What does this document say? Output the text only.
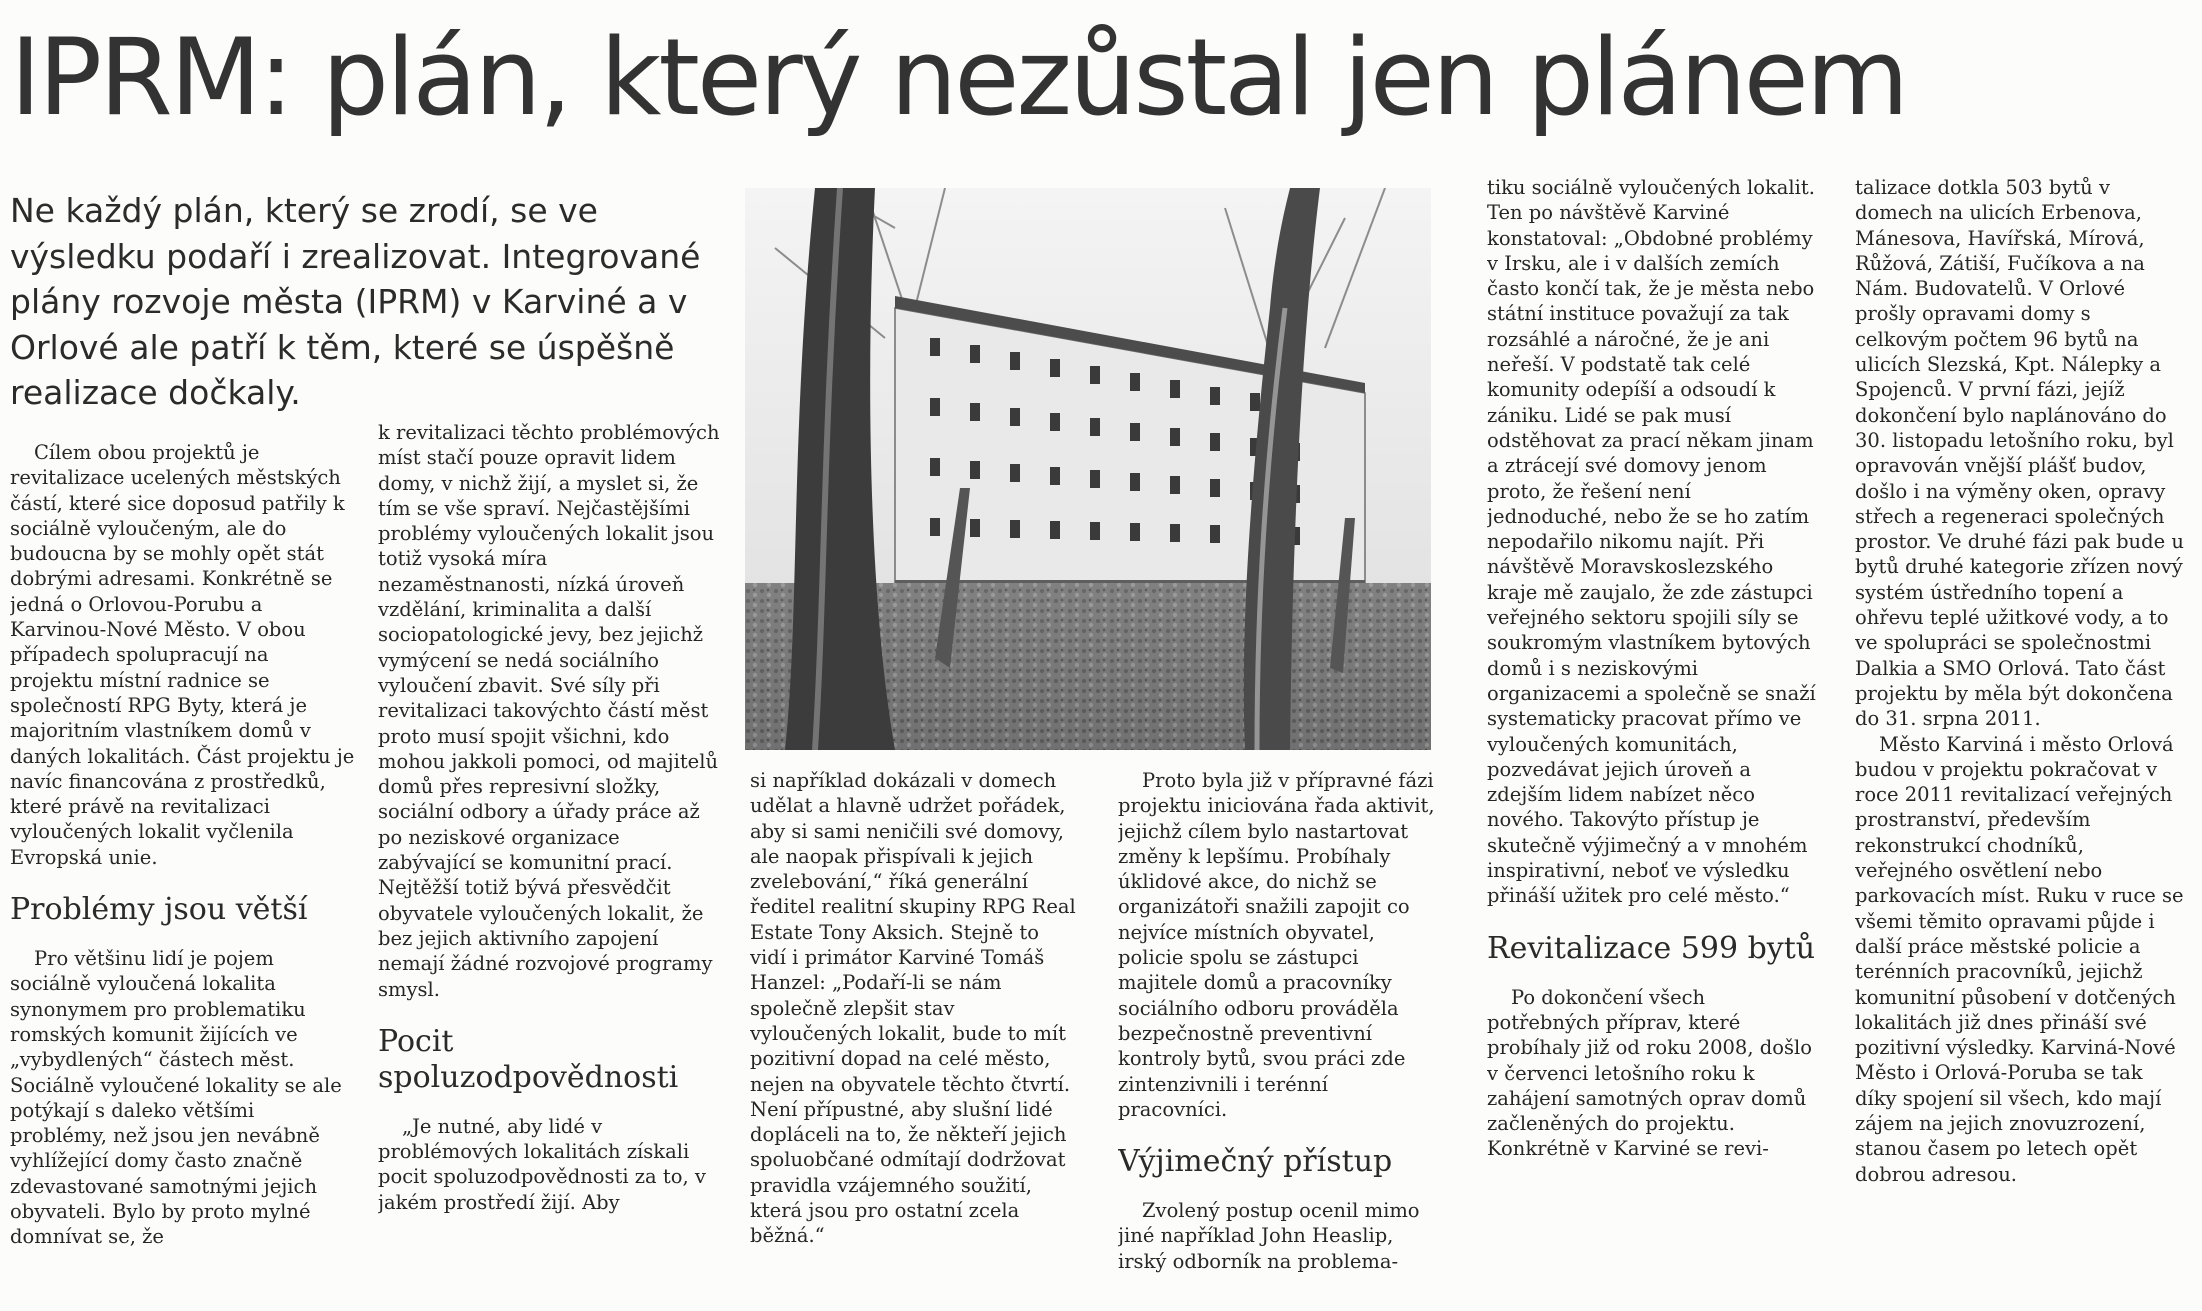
IPRM: plán, který nezůstal jen plánem

Ne každý plán, který se zrodí, se ve výsledku podaří i zrealizovat. Integrované plány rozvoje města (IPRM) v Karviné a v Orlové ale patří k těm, které se úspěšně realizace dočkaly.

Cílem obou projektů je revitalizace ucelených městských částí, které sice doposud patřily k sociálně vyloučeným, ale do budoucna by se mohly opět stát dobrými adresami. Konkrétně se jedná o Orlovou-Porubu a Karvinou-Nové Město. V obou případech spolupracují na projektu místní radnice se společností RPG Byty, která je majoritním vlastníkem domů v daných lokalitách. Část projektu je navíc financována z prostředků, které právě na revitalizaci vyloučených lokalit vyčlenila Evropská unie.

Problémy jsou větší

Pro většinu lidí je pojem sociálně vyloučená lokalita synonymem pro problematiku romských komunit žijících ve „vybydlených“ částech měst. Sociálně vyloučené lokality se ale potýkají s daleko většími problémy, než jsou jen nevábně vyhlížející domy často značně zdevastované samotnými jejich obyvateli. Bylo by proto mylné domnívat se, že

k revitalizaci těchto problémových míst stačí pouze opravit lidem domy, v nichž žijí, a myslet si, že tím se vše spraví. Nejčastějšími problémy vyloučených lokalit jsou totiž vysoká míra nezaměstnanosti, nízká úroveň vzdělání, kriminalita a další sociopatologické jevy, bez jejichž vymýcení se nedá sociálního vyloučení zbavit. Své síly při revitalizaci takovýchto částí měst proto musí spojit všichni, kdo mohou jakkoli pomoci, od majitelů domů přes represivní složky, sociální odbory a úřady práce až po neziskové organizace zabývající se komunitní prací. Nejtěžší totiž bývá přesvědčit obyvatele vyloučených lokalit, že bez jejich aktivního zapojení nemají žádné rozvojové programy smysl.

Pocit spoluzodpovědnosti

„Je nutné, aby lidé v problémových lokalitách získali pocit spoluzodpovědnosti za to, v jakém prostředí žijí. Aby

si například dokázali v domech udělat a hlavně udržet pořádek, aby si sami neničili své domovy, ale naopak přispívali k jejich zvelebování,“ říká generální ředitel realitní skupiny RPG Real Estate Tony Aksich. Stejně to vidí i primátor Karviné Tomáš Hanzel: „Podaří-li se nám společně zlepšit stav vyloučených lokalit, bude to mít pozitivní dopad na celé město, nejen na obyvatele těchto čtvrtí. Není přípustné, aby slušní lidé dopláceli na to, že někteří jejich spoluobčané odmítají dodržovat pravidla vzájemného soužití, která jsou pro ostatní zcela běžná.“

Proto byla již v přípravné fázi projektu iniciována řada aktivit, jejichž cílem bylo nastartovat změny k lepšímu. Probíhaly úklidové akce, do nichž se organizátoři snažili zapojit co nejvíce místních obyvatel, policie spolu se zástupci majitele domů a pracovníky sociálního odboru prováděla bezpečnostně preventivní kontroly bytů, svou práci zde zintenzivnili i terénní pracovníci.

Výjimečný přístup

Zvolený postup ocenil mimo jiné například John Heaslip, irský odborník na problema-

tiku sociálně vyloučených lokalit. Ten po návštěvě Karviné konstatoval: „Obdobné problémy v Irsku, ale i v dalších zemích často končí tak, že je města nebo státní instituce považují za tak rozsáhlé a náročné, že je ani neřeší. V podstatě tak celé komunity odepíší a odsoudí k zániku. Lidé se pak musí odstěhovat za prací někam jinam a ztrácejí své domovy jenom proto, že řešení není jednoduché, nebo že se ho zatím nepodařilo nikomu najít. Při návštěvě Moravskoslezského kraje mě zaujalo, že zde zástupci veřejného sektoru spojili síly se soukromým vlastníkem bytových domů i s neziskovými organizacemi a společně se snaží systematicky pracovat přímo ve vyloučených komunitách, pozvedávat jejich úroveň a zdejším lidem nabízet něco nového. Takovýto přístup je skutečně výjimečný a v mnohém inspirativní, neboť ve výsledku přináší užitek pro celé město.“

Revitalizace 599 bytů

Po dokončení všech potřebných příprav, které probíhaly již od roku 2008, došlo v červenci letošního roku k zahájení samotných oprav domů začleněných do projektu. Konkrétně v Karviné se revi-

talizace dotkla 503 bytů v domech na ulicích Erbenova, Mánesova, Havířská, Mírová, Růžová, Zátiší, Fučíkova a na Nám. Budovatelů. V Orlové prošly opravami domy s celkovým počtem 96 bytů na ulicích Slezská, Kpt. Nálepky a Spojenců. V první fázi, jejíž dokončení bylo naplánováno do 30. listopadu letošního roku, byl opravován vnější plášť budov, došlo i na výměny oken, opravy střech a regeneraci společných prostor. Ve druhé fázi pak bude u bytů druhé kategorie zřízen nový systém ústředního topení a ohřevu teplé užitkové vody, a to ve spolupráci se společnostmi Dalkia a SMO Orlová. Tato část projektu by měla být dokončena do 31. srpna 2011.

Město Karviná i město Orlová budou v projektu pokračovat v roce 2011 revitalizací veřejných prostranství, především rekonstrukcí chodníků, veřejného osvětlení nebo parkovacích míst. Ruku v ruce se všemi těmito opravami půjde i další práce městské policie a terénních pracovníků, jejichž komunitní působení v dotčených lokalitách již dnes přináší své pozitivní výsledky. Karviná-Nové Město i Orlová-Poruba se tak díky spojení sil všech, kdo mají zájem na jejich znovuzrození, stanou časem po letech opět dobrou adresou.
